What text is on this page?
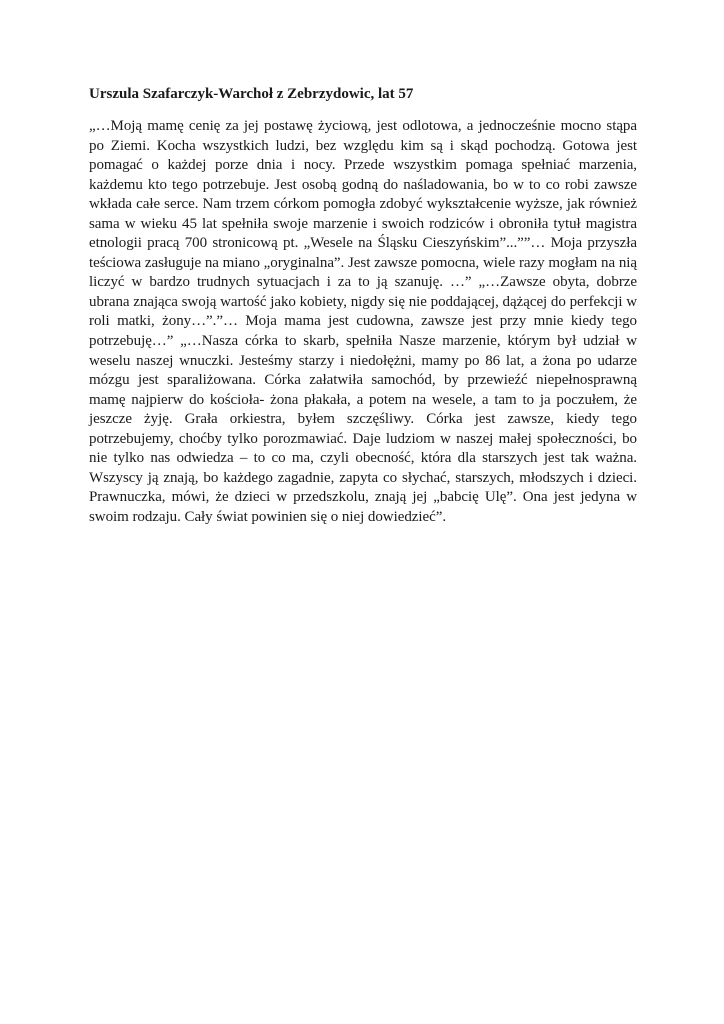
Urszula Szafarczyk-Warchoł z Zebrzydowic, lat 57

„…Moją mamę cenię za jej postawę życiową, jest odlotowa, a jednocześnie mocno stąpa po Ziemi. Kocha wszystkich ludzi, bez względu kim są i skąd pochodzą. Gotowa jest pomagać o każdej porze dnia i nocy. Przede wszystkim pomaga spełniać marzenia, każdemu kto tego potrzebuje. Jest osobą godną do naśladowania, bo w to co robi zawsze wkłada całe serce. Nam trzem córkom pomogła zdobyć wykształcenie wyższe, jak również sama w wieku 45 lat spełniła swoje marzenie i swoich rodziców i obroniła tytuł magistra etnologii pracą 700 stronicową pt. „Wesele na Śląsku Cieszyńskim”...””… Moja przyszła teściowa zasługuje na miano „oryginalna”. Jest zawsze pomocna, wiele razy mogłam na nią liczyć w bardzo trudnych sytuacjach i za to ją szanuję. …” „…Zawsze obyta, dobrze ubrana znająca swoją wartość jako kobiety, nigdy się nie poddającej, dążącej do perfekcji w roli matki, żony…”.”… Moja mama jest cudowna, zawsze jest przy mnie kiedy tego potrzebuję…” „…Nasza córka to skarb, spełniła Nasze marzenie, którym był udział w weselu naszej wnuczki. Jesteśmy starzy i niedołężni, mamy po 86 lat, a żona po udarze mózgu jest sparaliżowana. Córka załatwiła samochód, by przewieźć niepełnosprawną mamę najpierw do kościoła- żona płakała, a potem na wesele, a tam to ja poczułem, że jeszcze żyję. Grała orkiestra, byłem szczęśliwy. Córka jest zawsze, kiedy tego potrzebujemy, choćby tylko porozmawiać. Daje ludziom w naszej małej społeczności, bo nie tylko nas odwiedza – to co ma, czyli obecność, która dla starszych jest tak ważna. Wszyscy ją znają, bo każdego zagadnie, zapyta co słychać, starszych, młodszych i dzieci. Prawnuczka, mówi, że dzieci w przedszkolu, znają jej „babcię Ulę”. Ona jest jedyna w swoim rodzaju. Cały świat powinien się o niej dowiedzieć”.
